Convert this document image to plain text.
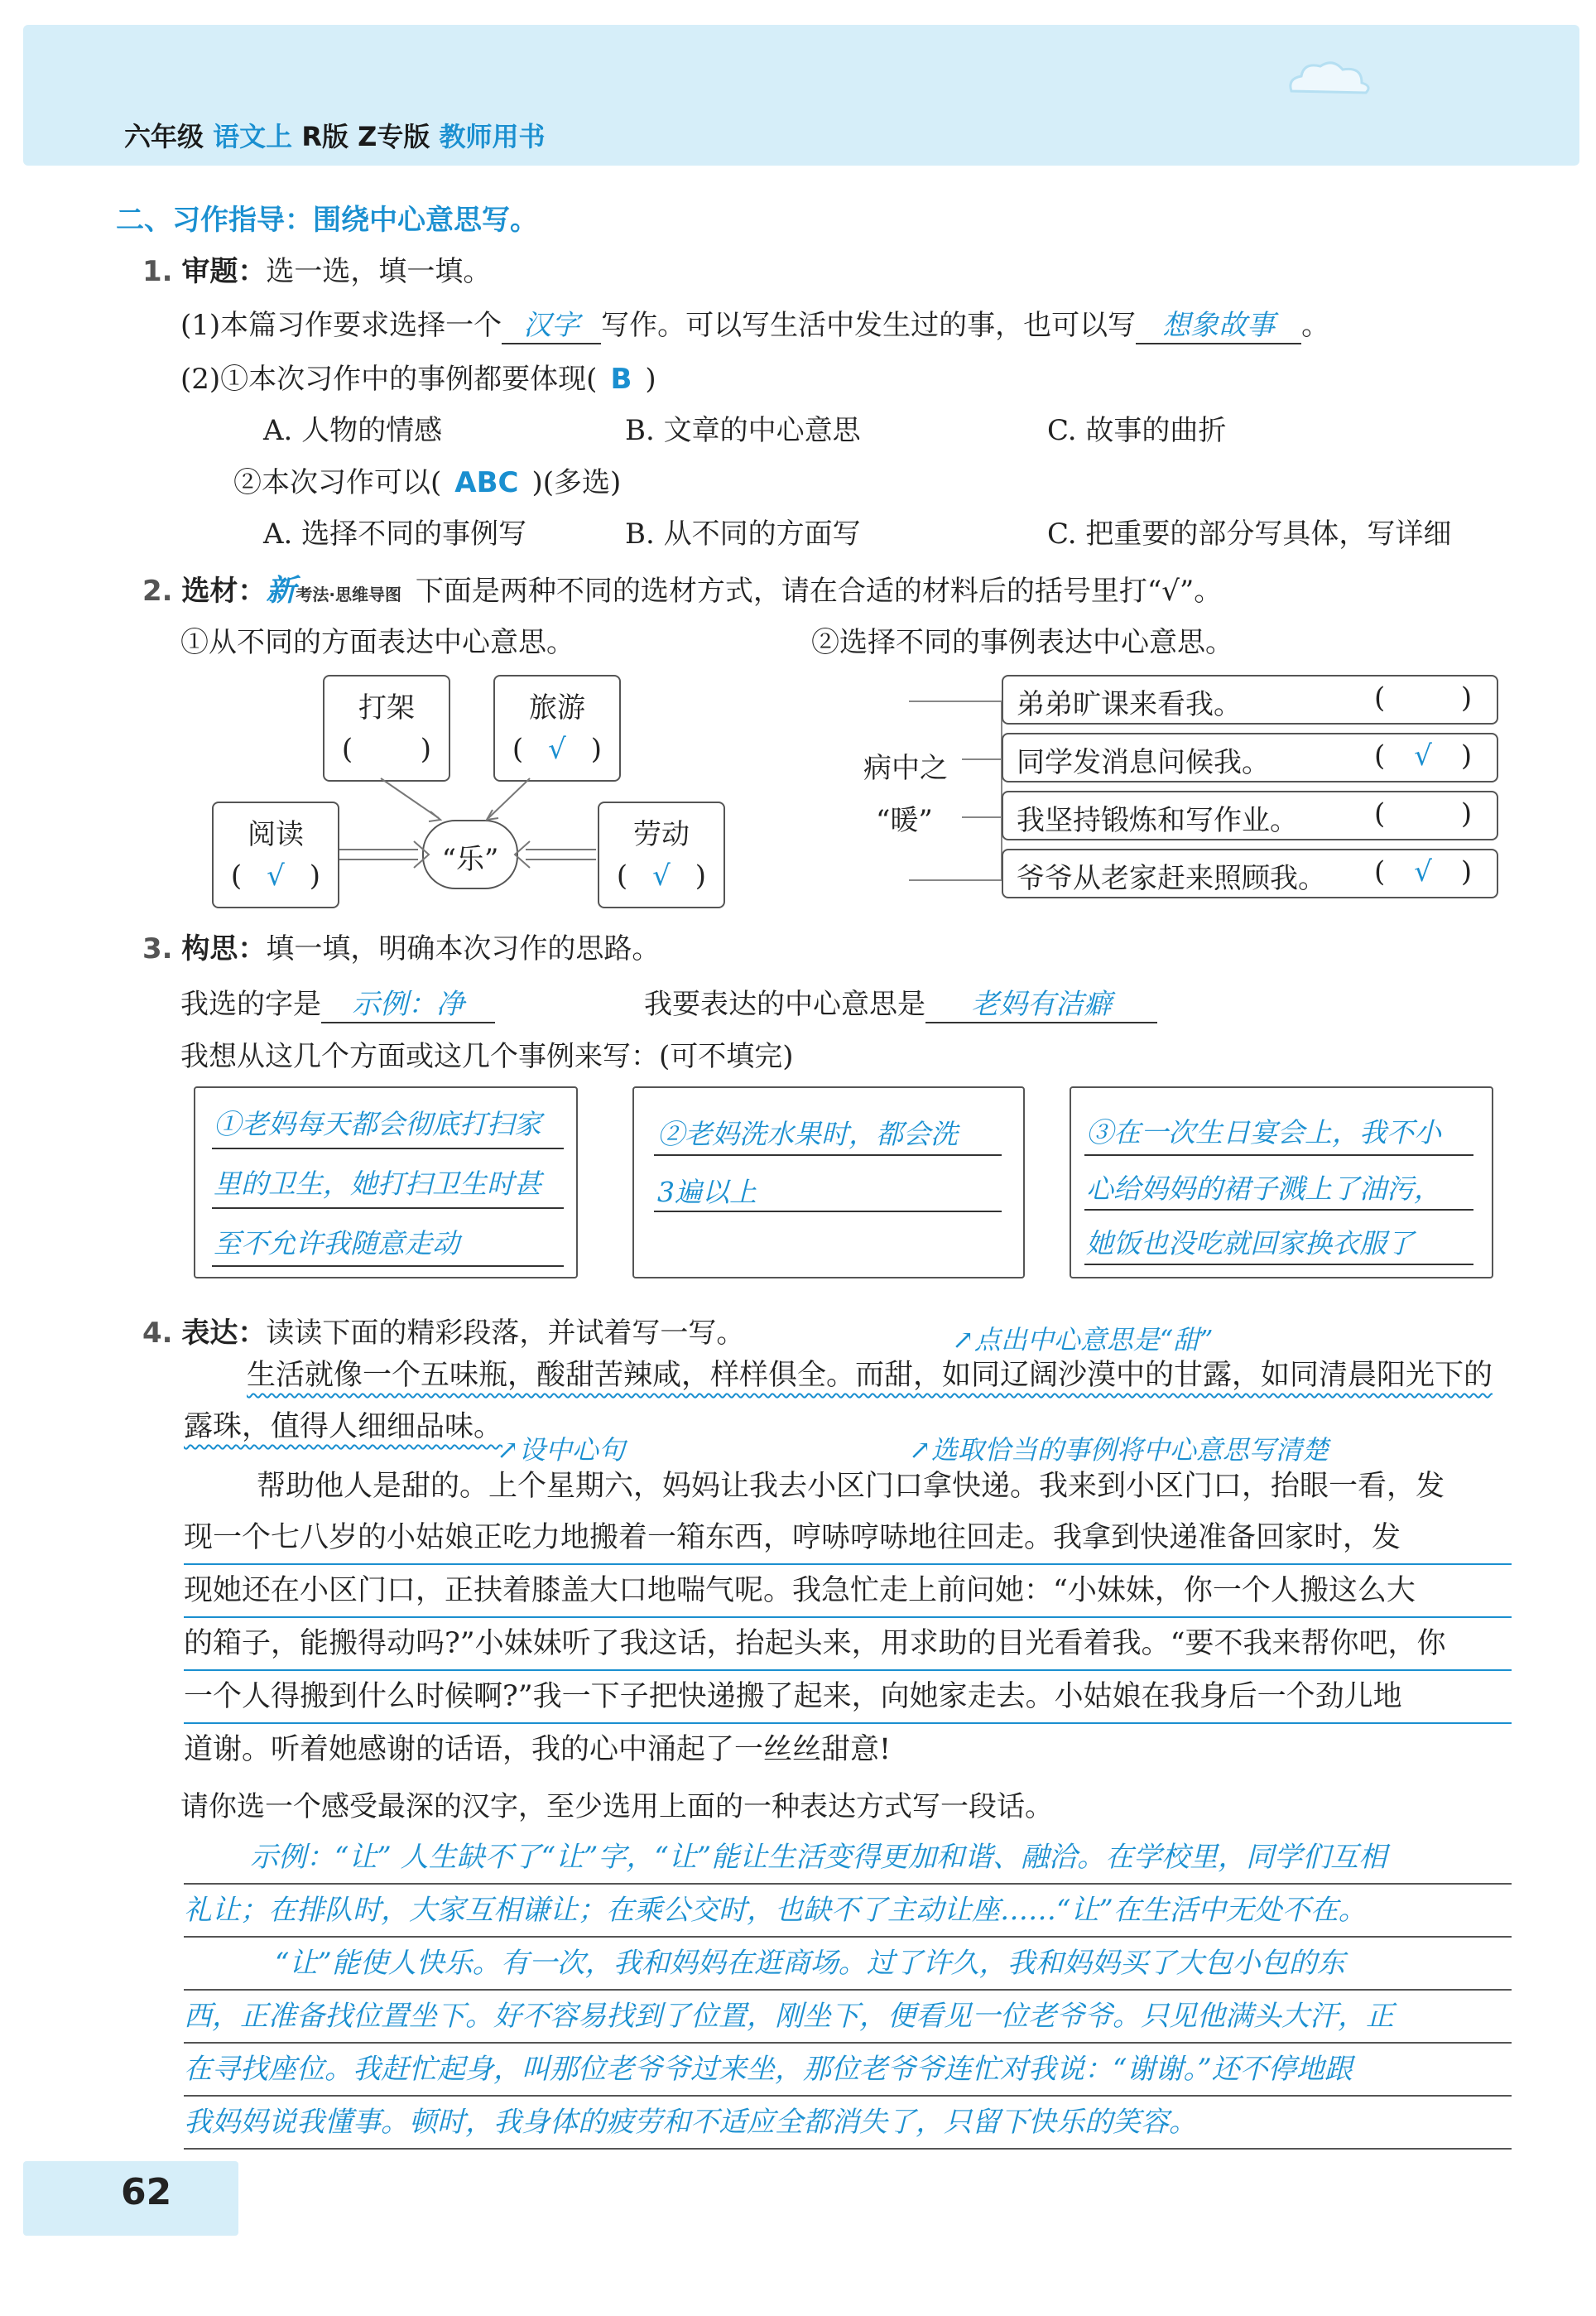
六年级 语文上 R版 Z专版 教师用书
二、习作指导：围绕中心意思写。
1. 审题：选一选，填一填。
(1)本篇习作要求选择一个 汉字 写作。可以写生活中发生过的事，也可以写 想象故事 。
(2)①本次习作中的事例都要体现( B )
A. 人物的情感	B. 文章的中心意思	C. 故事的曲折
②本次习作可以( ABC )(多选)
A. 选择不同的事例写	B. 从不同的方面写	C. 把重要的部分写具体，写详细
2. 选材：新考法·思维导图 下面是两种不同的选材方式，请在合适的材料后的括号里打“√”。
①从不同的方面表达中心意思。	②选择不同的事例表达中心意思。
打架
(  )
旅游
( √ )
阅读
( √ )
劳动
( √ )
“乐”
病中之
“暖”
弟弟旷课来看我。	(  )
同学发消息问候我。	( √ )
我坚持锻炼和写作业。	(  )
爷爷从老家赶来照顾我。 ( √ )
3. 构思：填一填，明确本次习作的思路。
我选的字是 示例：净	我要表达的中心意思是 老妈有洁癖
我想从这几个方面或这几个事例来写：(可不填完)
①老妈每天都会彻底打扫家
里的卫生，她打扫卫生时甚
至不允许我随意走动
②老妈洗水果时，都会洗
3遍以上
③在一次生日宴会上，我不小
心给妈妈的裙子溅上了油污，
她饭也没吃就回家换衣服了
4. 表达：读读下面的精彩段落，并试着写一写。	↗点出中心意思是“甜”
生活就像一个五味瓶，酸甜苦辣咸，样样俱全。而甜，如同辽阔沙漠中的甘露，如同清晨阳光下的
露珠，值得人细细品味。
↗设中心句	↗选取恰当的事例将中心意思写清楚
帮助他人是甜的。上个星期六，妈妈让我去小区门口拿快递。我来到小区门口，抬眼一看，发
现一个七八岁的小姑娘正吃力地搬着一箱东西，哼哧哼哧地往回走。我拿到快递准备回家时，发
现她还在小区门口，正扶着膝盖大口地喘气呢。我急忙走上前问她：“小妹妹，你一个人搬这么大
的箱子，能搬得动吗?”小妹妹听了我这话，抬起头来，用求助的目光看着我。“要不我来帮你吧，你
一个人得搬到什么时候啊?”我一下子把快递搬了起来，向她家走去。小姑娘在我身后一个劲儿地
道谢。听着她感谢的话语，我的心中涌起了一丝丝甜意!
请你选一个感受最深的汉字，至少选用上面的一种表达方式写一段话。
示例：“让” 人生缺不了“让”字，“让”能让生活变得更加和谐、融洽。在学校里，同学们互相
礼让；在排队时，大家互相谦让；在乘公交时，也缺不了主动让座……“让”在生活中无处不在。
“让”能使人快乐。有一次，我和妈妈在逛商场。过了许久，我和妈妈买了大包小包的东
西，正准备找位置坐下。好不容易找到了位置，刚坐下，便看见一位老爷爷。只见他满头大汗，正
在寻找座位。我赶忙起身，叫那位老爷爷过来坐，那位老爷爷连忙对我说：“谢谢。”还不停地跟
我妈妈说我懂事。顿时，我身体的疲劳和不适应全都消失了，只留下快乐的笑容。
62
